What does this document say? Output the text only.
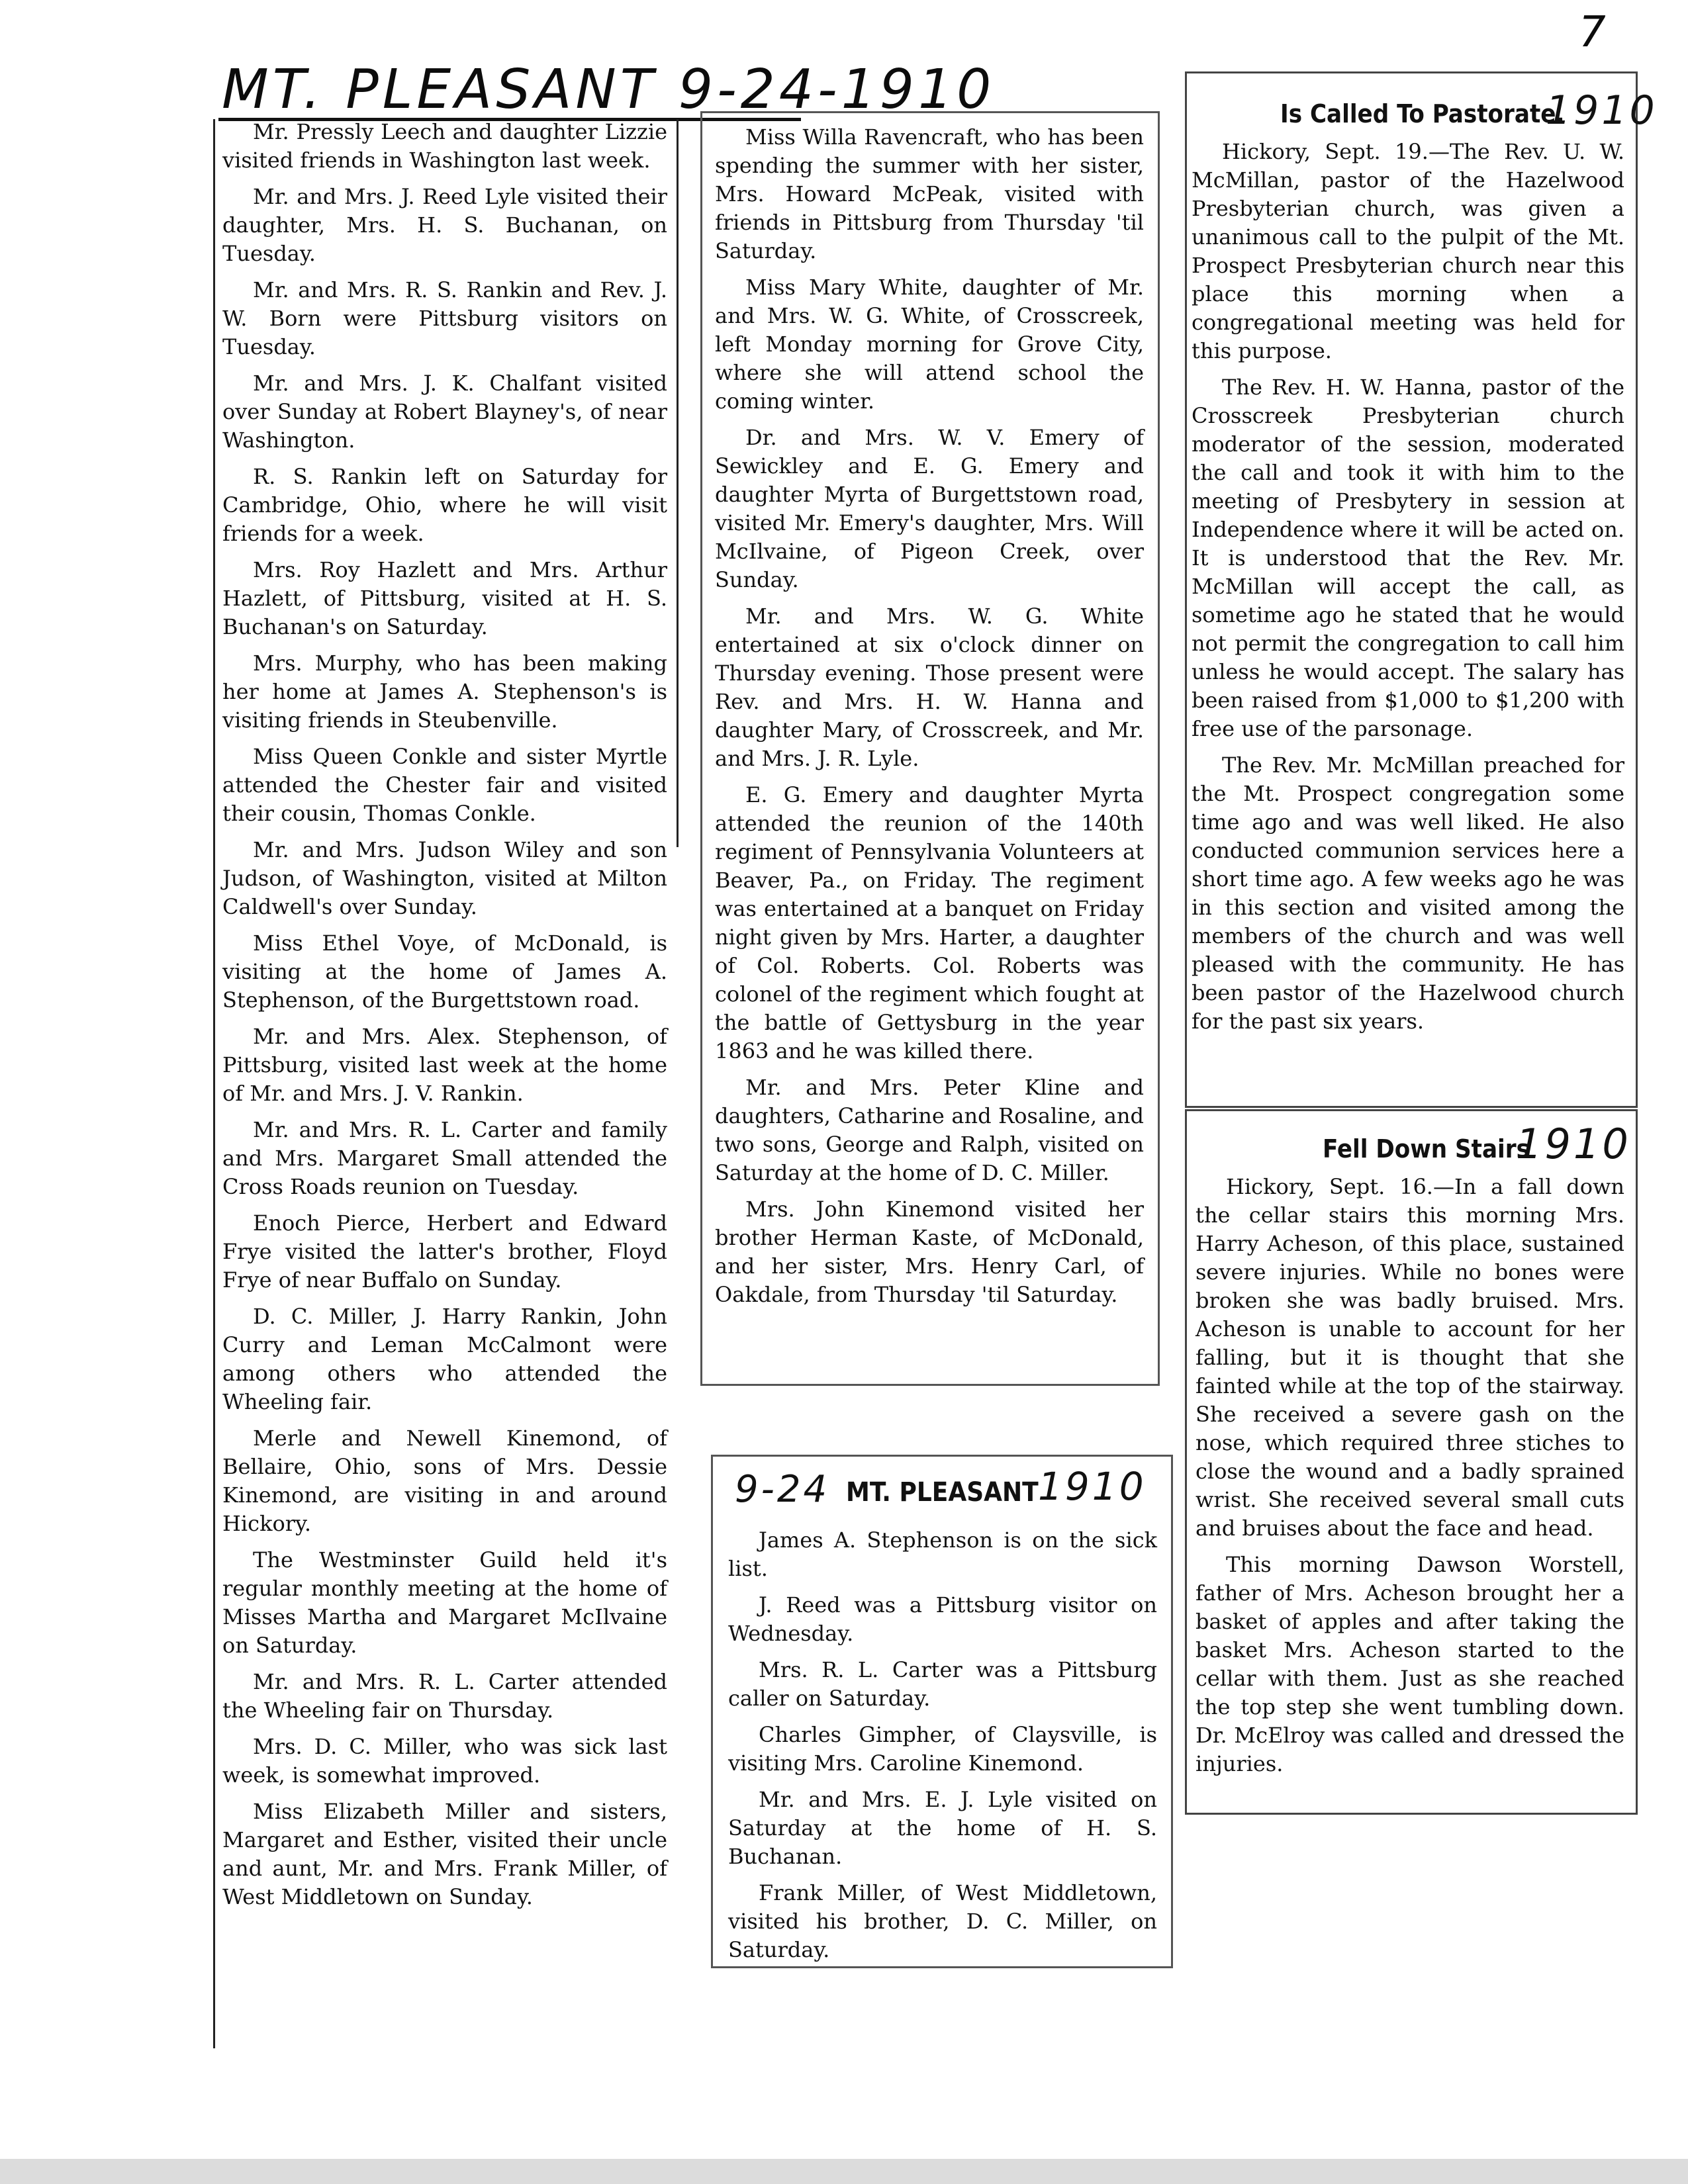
7
MT. PLEASANT 9-24-1910

Mr. Pressly Leech and daughter Lizzie visited friends in Washington last week.

Mr. and Mrs. J. Reed Lyle visited their daughter, Mrs. H. S. Buchanan, on Tuesday.

Mr. and Mrs. R. S. Rankin and Rev. J. W. Born were Pittsburg visitors on Tuesday.

Mr. and Mrs. J. K. Chalfant visited over Sunday at Robert Blayney's, of near Washington.

R. S. Rankin left on Saturday for Cambridge, Ohio, where he will visit friends for a week.

Mrs. Roy Hazlett and Mrs. Arthur Hazlett, of Pittsburg, visited at H. S. Buchanan's on Saturday.

Mrs. Murphy, who has been making her home at James A. Stephenson's is visiting friends in Steubenville.

Miss Queen Conkle and sister Myrtle attended the Chester fair and visited their cousin, Thomas Conkle.

Mr. and Mrs. Judson Wiley and son Judson, of Washington, visited at Milton Caldwell's over Sunday.

Miss Ethel Voye, of McDonald, is visiting at the home of James A. Stephenson, of the Burgettstown road.

Mr. and Mrs. Alex. Stephenson, of Pittsburg, visited last week at the home of Mr. and Mrs. J. V. Rankin.

Mr. and Mrs. R. L. Carter and family and Mrs. Margaret Small attended the Cross Roads reunion on Tuesday.

Enoch Pierce, Herbert and Edward Frye visited the latter's brother, Floyd Frye of near Buffalo on Sunday.

D. C. Miller, J. Harry Rankin, John Curry and Leman McCalmont were among others who attended the Wheeling fair.

Merle and Newell Kinemond, of Bellaire, Ohio, sons of Mrs. Dessie Kinemond, are visiting in and around Hickory.

The Westminster Guild held it's regular monthly meeting at the home of Misses Martha and Margaret McIlvaine on Saturday.

Mr. and Mrs. R. L. Carter attended the Wheeling fair on Thursday.

Mrs. D. C. Miller, who was sick last week, is somewhat improved.

Miss Elizabeth Miller and sisters, Margaret and Esther, visited their uncle and aunt, Mr. and Mrs. Frank Miller, of West Middletown on Sunday.

Miss Willa Ravencraft, who has been spending the summer with her sister, Mrs. Howard McPeak, visited with friends in Pittsburg from Thursday 'til Saturday.

Miss Mary White, daughter of Mr. and Mrs. W. G. White, of Crosscreek, left Monday morning for Grove City, where she will attend school the coming winter.

Dr. and Mrs. W. V. Emery of Sewickley and E. G. Emery and daughter Myrta of Burgettstown road, visited Mr. Emery's daughter, Mrs. Will McIlvaine, of Pigeon Creek, over Sunday.

Mr. and Mrs. W. G. White entertained at six o'clock dinner on Thursday evening. Those present were Rev. and Mrs. H. W. Hanna and daughter Mary, of Crosscreek, and Mr. and Mrs. J. R. Lyle.

E. G. Emery and daughter Myrta attended the reunion of the 140th regiment of Pennsylvania Volunteers at Beaver, Pa., on Friday. The regiment was entertained at a banquet on Friday night given by Mrs. Harter, a daughter of Col. Roberts. Col. Roberts was colonel of the regiment which fought at the battle of Gettysburg in the year 1863 and he was killed there.

Mr. and Mrs. Peter Kline and daughters, Catharine and Rosaline, and two sons, George and Ralph, visited on Saturday at the home of D. C. Miller.

Mrs. John Kinemond visited her brother Herman Kaste, of McDonald, and her sister, Mrs. Henry Carl, of Oakdale, from Thursday 'til Saturday.

9-24 MT. PLEASANT 1910

James A. Stephenson is on the sick list.

J. Reed was a Pittsburg visitor on Wednesday.

Mrs. R. L. Carter was a Pittsburg caller on Saturday.

Charles Gimpher, of Claysville, is visiting Mrs. Caroline Kinemond.

Mr. and Mrs. E. J. Lyle visited on Saturday at the home of H. S. Buchanan.

Frank Miller, of West Middletown, visited his brother, D. C. Miller, on Saturday.

Is Called To Pastorate.
1910

Hickory, Sept. 19.—The Rev. U. W. McMillan, pastor of the Hazelwood Presbyterian church, was given a unanimous call to the pulpit of the Mt. Prospect Presbyterian church near this place this morning when a congregational meeting was held for this purpose.

The Rev. H. W. Hanna, pastor of the Crosscreek Presbyterian church moderator of the session, moderated the call and took it with him to the meeting of Presbytery in session at Independence where it will be acted on. It is understood that the Rev. Mr. McMillan will accept the call, as sometime ago he stated that he would not permit the congregation to call him unless he would accept. The salary has been raised from $1,000 to $1,200 with free use of the parsonage.

The Rev. Mr. McMillan preached for the Mt. Prospect congregation some time ago and was well liked. He also conducted communion services here a short time ago. A few weeks ago he was in this section and visited among the members of the church and was well pleased with the community. He has been pastor of the Hazelwood church for the past six years.

Fell Down Stairs
1910

Hickory, Sept. 16.—In a fall down the cellar stairs this morning Mrs. Harry Acheson, of this place, sustained severe injuries. While no bones were broken she was badly bruised. Mrs. Acheson is unable to account for her falling, but it is thought that she fainted while at the top of the stairway. She received a severe gash on the nose, which required three stiches to close the wound and a badly sprained wrist. She received several small cuts and bruises about the face and head.

This morning Dawson Worstell, father of Mrs. Acheson brought her a basket of apples and after taking the basket Mrs. Acheson started to the cellar with them. Just as she reached the top step she went tumbling down. Dr. McElroy was called and dressed the injuries.
